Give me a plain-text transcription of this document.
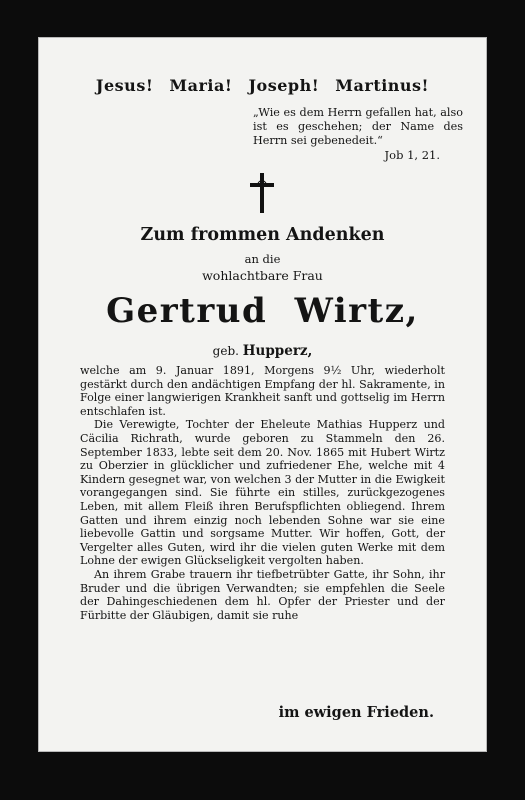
Jesus! Maria! Joseph! Martinus!
„Wie es dem Herrn gefallen hat, also ist es geschehen; der Name des Herrn sei gebenedeit.“
Job 1, 21.
Zum frommen Andenken
an die
wohlachtbare Frau
Gertrud Wirtz,
geb. Hupperz,

welche am 9. Januar 1891, Morgens 9½ Uhr, wiederholt gestärkt durch den andächtigen Empfang der hl. Sakramente, in Folge einer langwierigen Krankheit sanft und gottselig im Herrn entschlafen ist.

Die Verewigte, Tochter der Eheleute Mathias Hupperz und Cäcilia Richrath, wurde geboren zu Stammeln den 26. September 1833, lebte seit dem 20. Nov. 1865 mit Hubert Wirtz zu Oberzier in glücklicher und zufriedener Ehe, welche mit 4 Kindern gesegnet war, von welchen 3 der Mutter in die Ewigkeit vorangegangen sind. Sie führte ein stilles, zurückgezogenes Leben, mit allem Fleiß ihren Berufspflichten obliegend. Ihrem Gatten und ihrem einzig noch lebenden Sohne war sie eine liebevolle Gattin und sorgsame Mutter. Wir hoffen, Gott, der Vergelter alles Guten, wird ihr die vielen guten Werke mit dem Lohne der ewigen Glückseligkeit vergolten haben.

An ihrem Grabe trauern ihr tiefbetrübter Gatte, ihr Sohn, ihr Bruder und die übrigen Verwandten; sie empfehlen die Seele der Dahingeschiedenen dem hl. Opfer der Priester und der Fürbitte der Gläubigen, damit sie ruhe

im ewigen Frieden.
